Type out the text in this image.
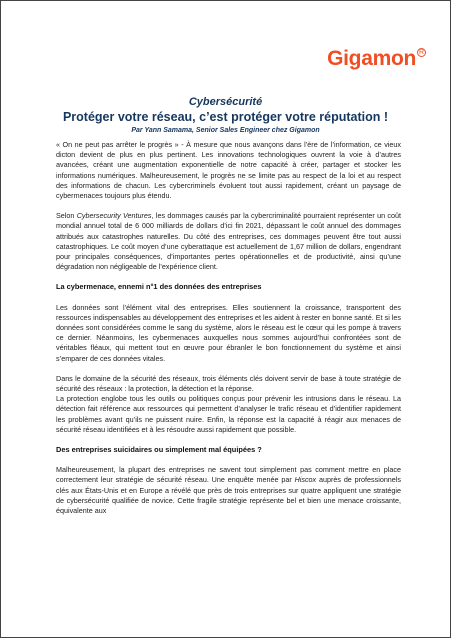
Gigamon R

Cybersécurité

Protéger votre réseau, c’est protéger votre réputation !

Par Yann Samama, Senior Sales Engineer chez Gigamon

« On ne peut pas arrêter le progrès » - À mesure que nous avançons dans l’ère de l’information, ce vieux dicton devient de plus en plus pertinent. Les innovations technologiques ouvrent la voie à d’autres avancées, créant une augmentation exponentielle de notre capacité à créer, partager et stocker les informations numériques. Malheureusement, le progrès ne se limite pas au respect de la loi et au respect des informations de chacun. Les cybercriminels évoluent tout aussi rapidement, créant un paysage de cybermenaces toujours plus étendu.

Selon Cybersecurity Ventures, les dommages causés par la cybercriminalité pourraient représenter un coût mondial annuel total de 6 000 milliards de dollars d’ici fin 2021, dépassant le coût annuel des dommages attribués aux catastrophes naturelles. Du côté des entreprises, ces dommages peuvent être tout aussi catastrophiques. Le coût moyen d’une cyberattaque est actuellement de 1,67 million de dollars, engendrant pour principales conséquences, d’importantes pertes opérationnelles et de productivité, ainsi qu’une dégradation non négligeable de l’expérience client.

La cybermenace, ennemi n°1 des données des entreprises

Les données sont l’élément vital des entreprises. Elles soutiennent la croissance, transportent des ressources indispensables au développement des entreprises et les aident à rester en bonne santé. Et si les données sont considérées comme le sang du système, alors le réseau est le cœur qui les pompe à travers ce dernier. Néanmoins, les cybermenaces auxquelles nous sommes aujourd’hui confrontées sont de véritables fléaux, qui mettent tout en œuvre pour ébranler le bon fonctionnement du système et ainsi s’emparer de ces données vitales.

Dans le domaine de la sécurité des réseaux, trois éléments clés doivent servir de base à toute stratégie de sécurité des réseaux : la protection, la détection et la réponse.

La protection englobe tous les outils ou politiques conçus pour prévenir les intrusions dans le réseau. La détection fait référence aux ressources qui permettent d’analyser le trafic réseau et d’identifier rapidement les problèmes avant qu’ils ne puissent nuire. Enfin, la réponse est la capacité à réagir aux menaces de sécurité réseau identifiées et à les résoudre aussi rapidement que possible.

Des entreprises suicidaires ou simplement mal équipées ?

Malheureusement, la plupart des entreprises ne savent tout simplement pas comment mettre en place correctement leur stratégie de sécurité réseau. Une enquête menée par Hiscox auprès de professionnels clés aux États-Unis et en Europe a révélé que près de trois entreprises sur quatre appliquent une stratégie de cybersécurité qualifiée de novice. Cette fragile stratégie représente bel et bien une menace croissante, équivalente aux
